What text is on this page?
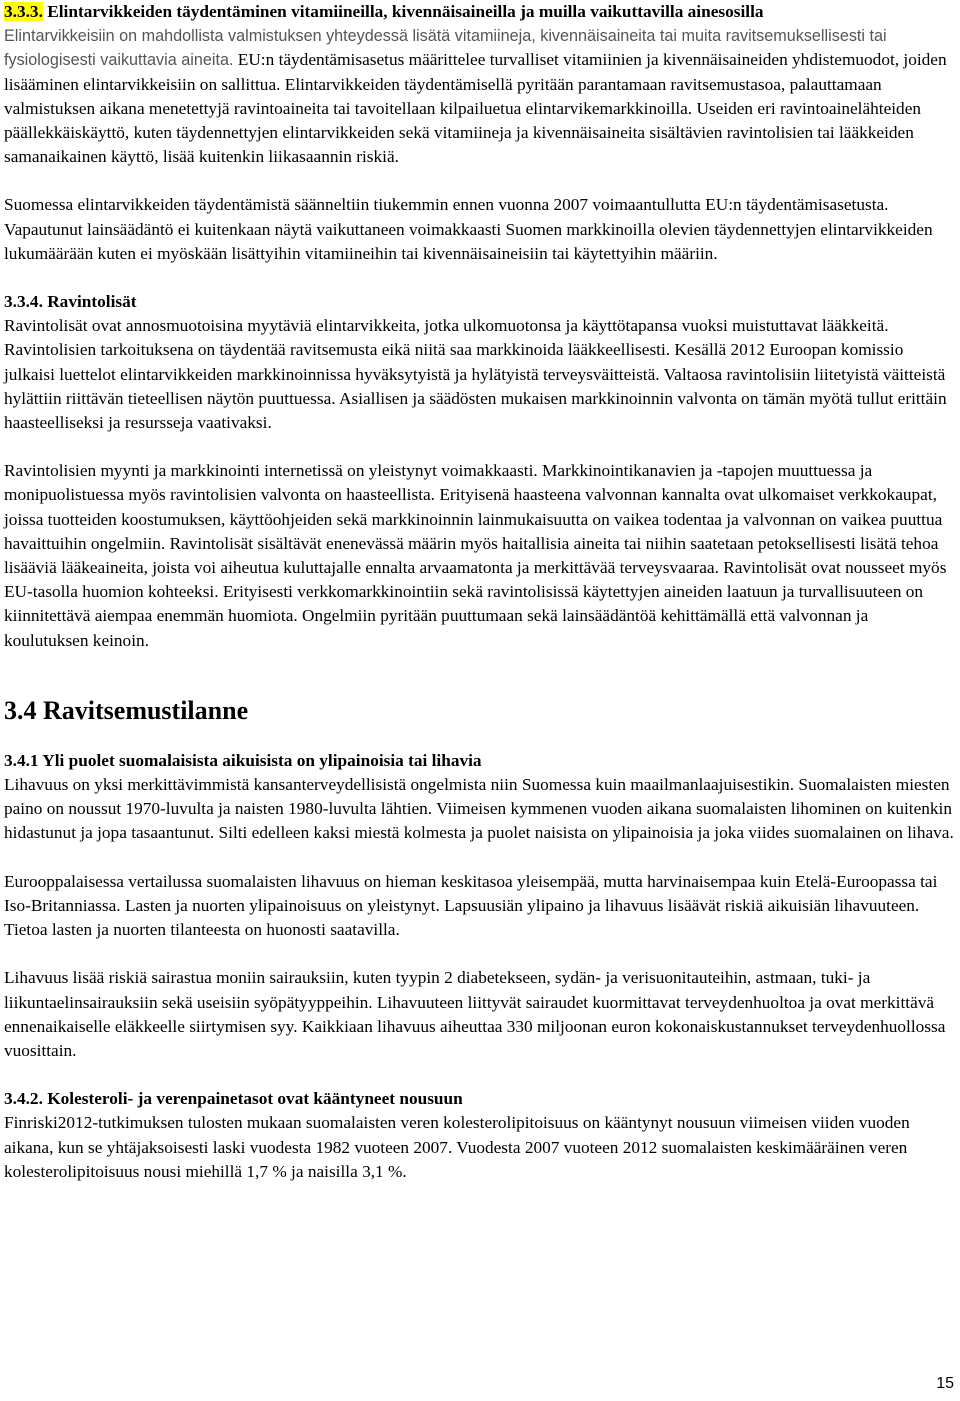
3.3.3. Elintarvikkeiden täydentäminen vitamiineilla, kivennäisaineilla ja muilla vaikuttavilla ainesosilla
Elintarvikkeisiin on mahdollista valmistuksen yhteydessä lisätä vitamiineja, kivennäisaineita tai muita ravitsemuksellisesti tai fysiologisesti vaikuttavia aineita. EU:n täydentämisasetus määrittelee turvalliset vitamiinien ja kivennäisaineiden yhdistemuodot, joiden lisääminen elintarvikkeisiin on sallittua. Elintarvikkeiden täydentämisellä pyritään parantamaan ravitsemustasoa, palauttamaan valmistuksen aikana menetettyjä ravintoaineita tai tavoitellaan kilpailuetua elintarvikemarkkinoilla. Useiden eri ravintoainelähteiden päällekkäiskäyttö, kuten täydennettyjen elintarvikkeiden sekä vitamiineja ja kivennäisaineita sisältävien ravintolisien tai lääkkeiden samanaikainen käyttö, lisää kuitenkin liikasaannin riskiä.

Suomessa elintarvikkeiden täydentämistä säänneltiin tiukemmin ennen vuonna 2007 voimaantullutta EU:n täydentämisasetusta. Vapautunut lainsäädäntö ei kuitenkaan näytä vaikuttaneen voimakkaasti Suomen markkinoilla olevien täydennettyjen elintarvikkeiden lukumäärään kuten ei myöskään lisättyihin vitamiineihin tai kivennäisaineisiin tai käytettyihin määriin.

3.3.4. Ravintolisät

Ravintolisät ovat annosmuotoisina myytäviä elintarvikkeita, jotka ulkomuotonsa ja käyttötapansa vuoksi muistuttavat lääkkeitä. Ravintolisien tarkoituksena on täydentää ravitsemusta eikä niitä saa markkinoida lääkkeellisesti. Kesällä 2012 Euroopan komissio julkaisi luettelot elintarvikkeiden markkinoinnissa hyväksytyistä ja hylätyistä terveysväitteistä. Valtaosa ravintolisiin liitetyistä väitteistä hylättiin riittävän tieteellisen näytön puuttuessa. Asiallisen ja säädösten mukaisen markkinoinnin valvonta on tämän myötä tullut erittäin haasteelliseksi ja resursseja vaativaksi.

Ravintolisien myynti ja markkinointi internetissä on yleistynyt voimakkaasti. Markkinointikanavien ja -tapojen muuttuessa ja monipuolistuessa myös ravintolisien valvonta on haasteellista. Erityisenä haasteena valvonnan kannalta ovat ulkomaiset verkkokaupat, joissa tuotteiden koostumuksen, käyttöohjeiden sekä markkinoinnin lainmukaisuutta on vaikea todentaa ja valvonnan on vaikea puuttua havaittuihin ongelmiin. Ravintolisät sisältävät enenevässä määrin myös haitallisia aineita tai niihin saatetaan petoksellisesti lisätä tehoa lisääviä lääkeaineita, joista voi aiheutua kuluttajalle ennalta arvaamatonta ja merkittävää terveysvaaraa. Ravintolisät ovat nousseet myös EU-tasolla huomion kohteeksi. Erityisesti verkkomarkkinointiin sekä ravintolisissä käytettyjen aineiden laatuun ja turvallisuuteen on kiinnitettävä aiempaa enemmän huomiota. Ongelmiin pyritään puuttumaan sekä lainsäädäntöä kehittämällä että valvonnan ja koulutuksen keinoin.

3.4 Ravitsemustilanne
3.4.1 Yli puolet suomalaisista aikuisista on ylipainoisia tai lihavia

Lihavuus on yksi merkittävimmistä kansanterveydellisistä ongelmista niin Suomessa kuin maailmanlaajuisestikin. Suomalaisten miesten paino on noussut 1970-luvulta ja naisten 1980-luvulta lähtien. Viimeisen kymmenen vuoden aikana suomalaisten lihominen on kuitenkin hidastunut ja jopa tasaantunut. Silti edelleen kaksi miestä kolmesta ja puolet naisista on ylipainoisia ja joka viides suomalainen on lihava.

Eurooppalaisessa vertailussa suomalaisten lihavuus on hieman keskitasoa yleisempää, mutta harvinaisempaa kuin Etelä-Euroopassa tai Iso-Britanniassa. Lasten ja nuorten ylipainoisuus on yleistynyt. Lapsuusiän ylipaino ja lihavuus lisäävät riskiä aikuisiän lihavuuteen. Tietoa lasten ja nuorten tilanteesta on huonosti saatavilla.

Lihavuus lisää riskiä sairastua moniin sairauksiin, kuten tyypin 2 diabetekseen, sydän- ja verisuonitauteihin, astmaan, tuki- ja liikuntaelinsairauksiin sekä useisiin syöpätyyppeihin. Lihavuuteen liittyvät sairaudet kuormittavat terveydenhuoltoa ja ovat merkittävä ennenaikaiselle eläkkeelle siirtymisen syy. Kaikkiaan lihavuus aiheuttaa 330 miljoonan euron kokonaiskustannukset terveydenhuollossa vuosittain.

3.4.2. Kolesteroli- ja verenpainetasot ovat kääntyneet nousuun

Finriski2012-tutkimuksen tulosten mukaan suomalaisten veren kolesterolipitoisuus on kääntynyt nousuun viimeisen viiden vuoden aikana, kun se yhtäjaksoisesti laski vuodesta 1982 vuoteen 2007. Vuodesta 2007 vuoteen 2012 suomalaisten keskimääräinen veren kolesterolipitoisuus nousi miehillä 1,7 % ja naisilla 3,1 %.

15
